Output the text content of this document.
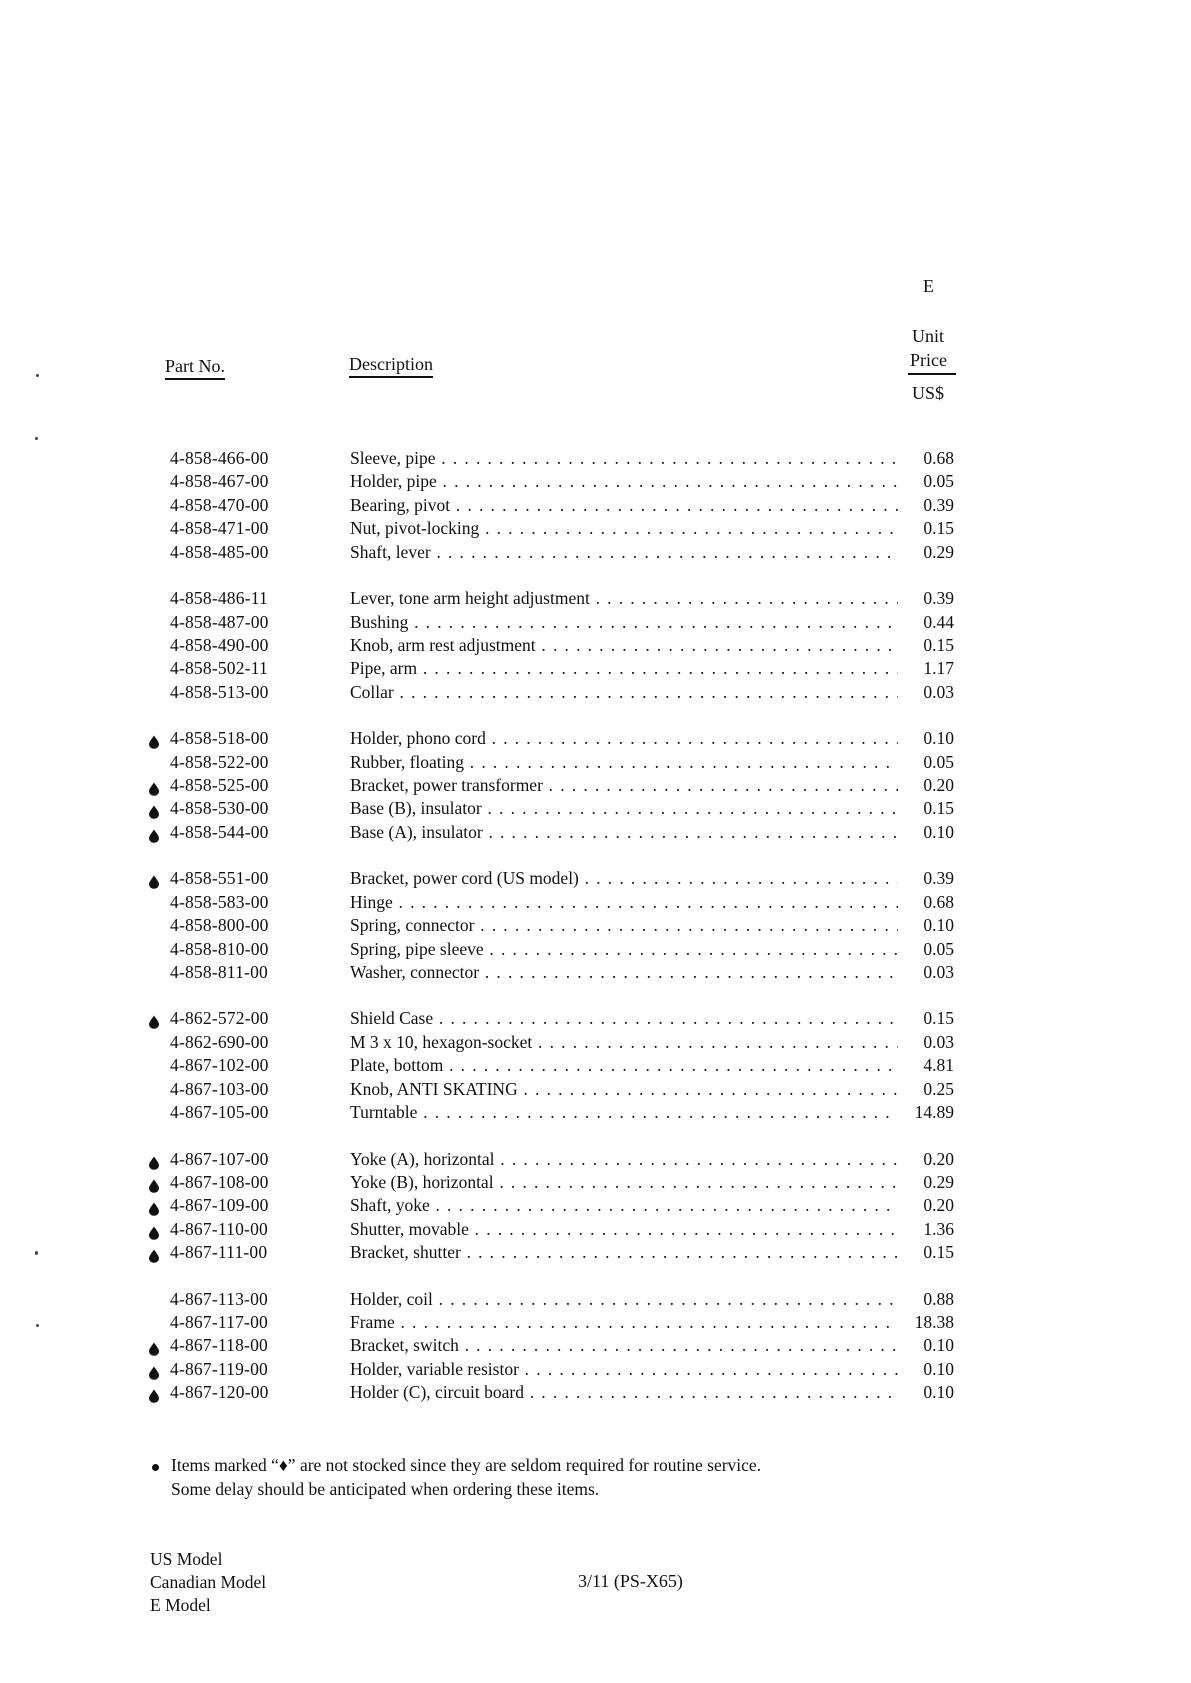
E
Unit
Price
US$
Part No.	Description
4-858-466-00	Sleeve, pipe . . .	0.68
4-858-467-00	Holder, pipe . . .	0.05
4-858-470-00	Bearing, pivot . . .	0.39
4-858-471-00	Nut, pivot-locking . . .	0.15
4-858-485-00	Shaft, lever . . .	0.29
4-858-486-11	Lever, tone arm height adjustment . . .	0.39
4-858-487-00	Bushing . . .	0.44
4-858-490-00	Knob, arm rest adjustment . . .	0.15
4-858-502-11	Pipe, arm . . .	1.17
4-858-513-00	Collar . . .	0.03
4-858-518-00	Holder, phono cord . . .	0.10
4-858-522-00	Rubber, floating . . .	0.05
4-858-525-00	Bracket, power transformer . . .	0.20
4-858-530-00	Base (B), insulator . . .	0.15
4-858-544-00	Base (A), insulator . . .	0.10
4-858-551-00	Bracket, power cord (US model) . . .	0.39
4-858-583-00	Hinge . . .	0.68
4-858-800-00	Spring, connector . . .	0.10
4-858-810-00	Spring, pipe sleeve . . .	0.05
4-858-811-00	Washer, connector . . .	0.03
4-862-572-00	Shield Case . . .	0.15
4-862-690-00	M 3 x 10, hexagon-socket . . .	0.03
4-867-102-00	Plate, bottom . . .	4.81
4-867-103-00	Knob, ANTI SKATING . . .	0.25
4-867-105-00	Turntable . . .	14.89
4-867-107-00	Yoke (A), horizontal . . .	0.20
4-867-108-00	Yoke (B), horizontal . . .	0.29
4-867-109-00	Shaft, yoke . . .	0.20
4-867-110-00	Shutter, movable . . .	1.36
4-867-111-00	Bracket, shutter . . .	0.15
4-867-113-00	Holder, coil . . .	0.88
4-867-117-00	Frame . . .	18.38
4-867-118-00	Bracket, switch . . .	0.10
4-867-119-00	Holder, variable resistor . . .	0.10
4-867-120-00	Holder (C), circuit board . . .	0.10
Items marked “♦” are not stocked since they are seldom required for routine service.
Some delay should be anticipated when ordering these items.
US Model
Canadian Model
E Model
3/11 (PS-X65)
